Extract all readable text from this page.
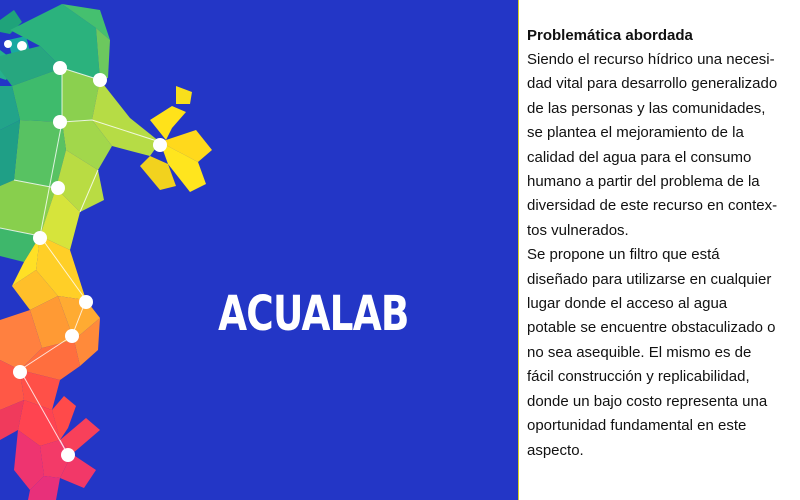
ACUALAB

Problemática abordada

Siendo el recurso hídrico una necesi-
dad vital para desarrollo generalizado
de las personas y las comunidades,
se plantea el mejoramiento de la
calidad del agua para el consumo
humano a partir del problema de la
diversidad de este recurso en contex-
tos vulnerados.

Se propone un filtro que está
diseñado para utilizarse en cualquier
lugar donde el acceso al agua
potable se encuentre obstaculizado o
no sea asequible. El mismo es de
fácil construcción y replicabilidad,
donde un bajo costo representa una
oportunidad fundamental en este
aspecto.
